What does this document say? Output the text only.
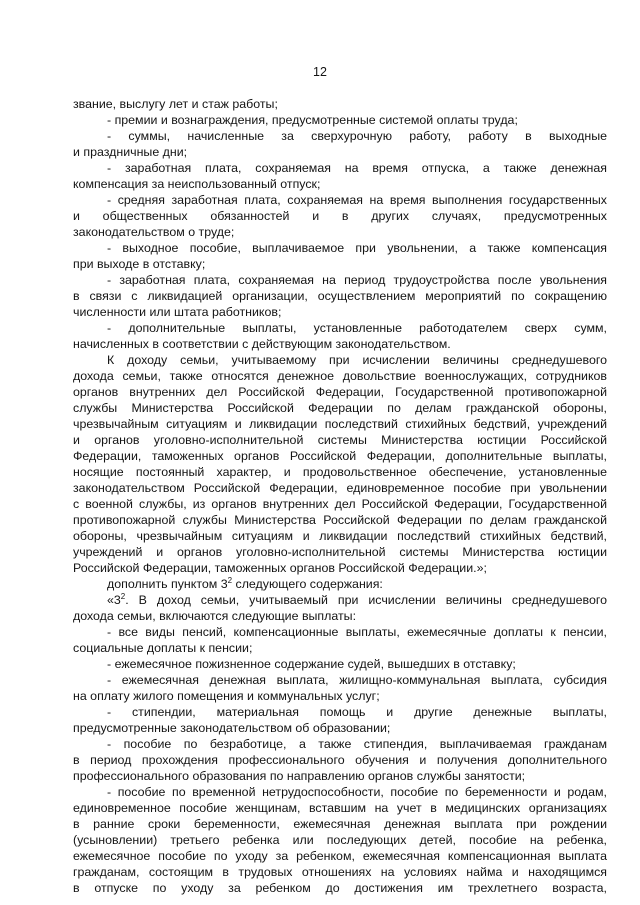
12
звание, выслугу лет и стаж работы;
- премии и вознаграждения, предусмотренные системой оплаты труда;
- суммы, начисленные за сверхурочную работу, работу в выходные
и праздничные дни;
- заработная плата, сохраняемая на время отпуска, а также денежная
компенсация за неиспользованный отпуск;
- средняя заработная плата, сохраняемая на время выполнения государственных
и общественных обязанностей и в других случаях, предусмотренных
законодательством о труде;
- выходное пособие, выплачиваемое при увольнении, а также компенсация
при выходе в отставку;
- заработная плата, сохраняемая на период трудоустройства после увольнения
в связи с ликвидацией организации, осуществлением мероприятий по сокращению
численности или штата работников;
- дополнительные выплаты, установленные работодателем сверх сумм,
начисленных в соответствии с действующим законодательством.
К доходу семьи, учитываемому при исчислении величины среднедушевого
дохода семьи, также относятся денежное довольствие военнослужащих, сотрудников
органов внутренних дел Российской Федерации, Государственной противопожарной
службы Министерства Российской Федерации по делам гражданской обороны,
чрезвычайным ситуациям и ликвидации последствий стихийных бедствий, учреждений
и органов уголовно-исполнительной системы Министерства юстиции Российской
Федерации, таможенных органов Российской Федерации, дополнительные выплаты,
носящие постоянный характер, и продовольственное обеспечение, установленные
законодательством Российской Федерации, единовременное пособие при увольнении
с военной службы, из органов внутренних дел Российской Федерации, Государственной
противопожарной службы Министерства Российской Федерации по делам гражданской
обороны, чрезвычайным ситуациям и ликвидации последствий стихийных бедствий,
учреждений и органов уголовно-исполнительной системы Министерства юстиции
Российской Федерации, таможенных органов Российской Федерации.»;
дополнить пунктом $3^2$ следующего содержания:
«$3^2$. В доход семьи, учитываемый при исчислении величины среднедушевого
дохода семьи, включаются следующие выплаты:
- все виды пенсий, компенсационные выплаты, ежемесячные доплаты к пенсии,
социальные доплаты к пенсии;
- ежемесячное пожизненное содержание судей, вышедших в отставку;
- ежемесячная денежная выплата, жилищно-коммунальная выплата, субсидия
на оплату жилого помещения и коммунальных услуг;
- стипендии, материальная помощь и другие денежные выплаты,
предусмотренные законодательством об образовании;
- пособие по безработице, а также стипендия, выплачиваемая гражданам
в период прохождения профессионального обучения и получения дополнительного
профессионального образования по направлению органов службы занятости;
- пособие по временной нетрудоспособности, пособие по беременности и родам,
единовременное пособие женщинам, вставшим на учет в медицинских организациях
в ранние сроки беременности, ежемесячная денежная выплата при рождении
(усыновлении) третьего ребенка или последующих детей, пособие на ребенка,
ежемесячное пособие по уходу за ребенком, ежемесячная компенсационная выплата
гражданам, состоящим в трудовых отношениях на условиях найма и находящимся
в отпуске по уходу за ребенком до достижения им трехлетнего возраста,
